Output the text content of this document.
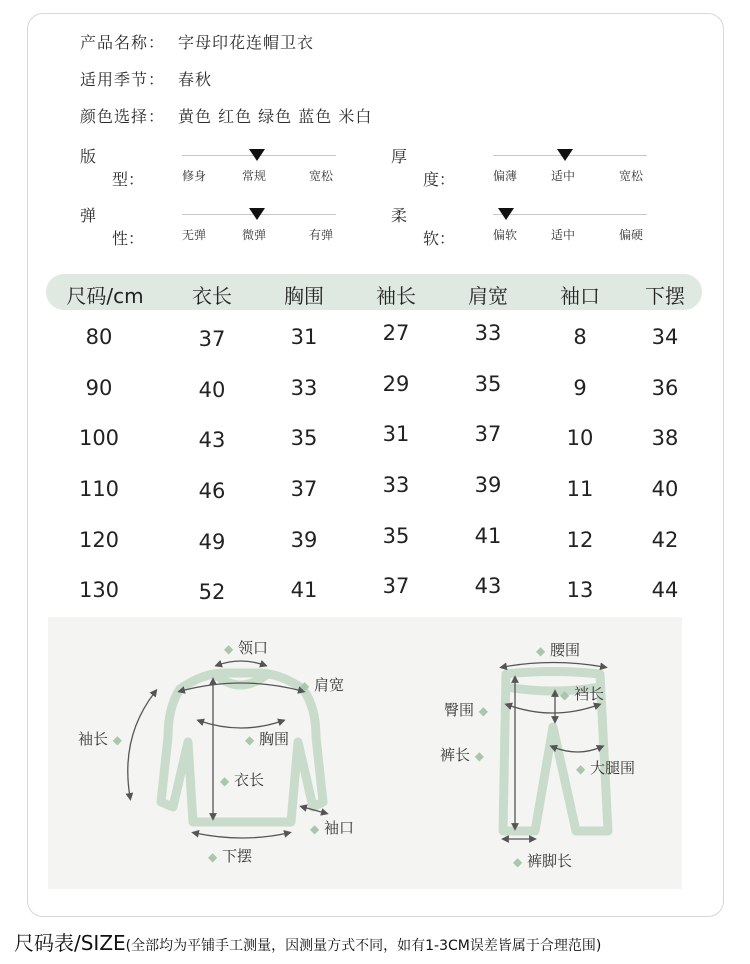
产品名称： 字母印花连帽卫衣
适用季节： 春秋
颜色选择： 黄色 红色 绿色 蓝色 米白
版型：	修身	常规	宽松
厚度：	偏薄	适中	宽松
弹性：	无弹	微弹	有弹
柔软：	偏软	适中	偏硬
尺码/cm	衣长	胸围	袖长	肩宽	袖口	下摆
80	37	31	27	33	8	34
90	40	33	29	35	9	36
100	43	35	31	37	10	38
110	46	37	33	39	11	40
120	49	39	35	41	12	42
130	52	41	37	43	13	44
◆ 领口
◆ 肩宽
袖长 ◆	◆ 胸围
◆ 衣长
◆ 袖口
◆ 下摆
◆ 腰围
臀围 ◆
◆ 裆长
裤长 ◆
◆ 大腿围
◆ 裤脚长
尺码表/SIZE(全部均为平铺手工测量，因测量方式不同，如有1-3CM误差皆属于合理范围)
